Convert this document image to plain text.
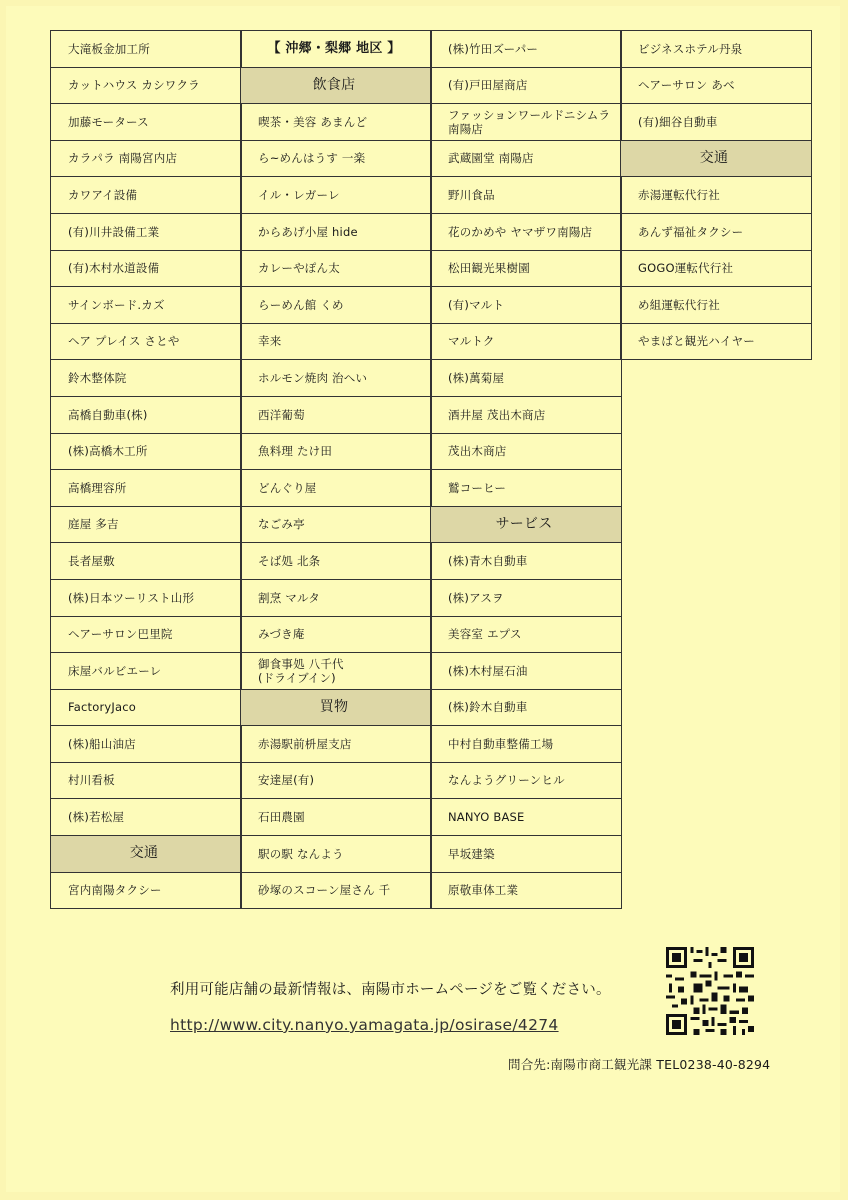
大滝板金加工所
カットハウス カシワクラ
加藤モータース
カラパラ 南陽宮内店
カワアイ設備
(有)川井設備工業
(有)木村水道設備
サインボード.カズ
ヘア プレイス さとや
鈴木整体院
高橋自動車(株)
(株)高橋木工所
高橋理容所
庭屋 多吉
長者屋敷
(株)日本ツーリスト山形
ヘアーサロン巴里院
床屋バルビエーレ
FactoryJaco
(株)船山油店
村川看板
(株)若松屋
交通
宮内南陽タクシー
【 沖郷・梨郷 地区 】
飲食店
喫茶・美容 あまんど
ら~めんはうす 一楽
イル・レガーレ
からあげ小屋 hide
カレーやぽん太
らーめん館 くめ
幸来
ホルモン焼肉 治へい
西洋葡萄
魚料理 たけ田
どんぐり屋
なごみ亭
そば処 北条
割烹 マルタ
みづき庵
御食事処 八千代
(ドライブイン)
買物
赤湯駅前枡屋支店
安達屋(有)
石田農園
駅の駅 なんよう
砂塚のスコーン屋さん 千
(株)竹田ズーパー
(有)戸田屋商店
ファッションワールドニシムラ
南陽店
武蔵園堂 南陽店
野川食品
花のかめや ヤマザワ南陽店
松田観光果樹園
(有)マルト
マルトク
(株)萬菊屋
酒井屋 茂出木商店
茂出木商店
鷲コーヒー
サービス
(株)青木自動車
(株)アスヲ
美容室 エプス
(株)木村屋石油
(株)鈴木自動車
中村自動車整備工場
なんようグリーンヒル
NANYO BASE
早坂建築
原敬車体工業
ビジネスホテル丹泉
ヘアーサロン あべ
(有)細谷自動車
交通
赤湯運転代行社
あんず福祉タクシー
GOGO運転代行社
め組運転代行社
やまばと観光ハイヤー
利用可能店舗の最新情報は、南陽市ホームページをご覧ください。
http://www.city.nanyo.yamagata.jp/osirase/4274
問合先:南陽市商工観光課 TEL0238-40-8294
